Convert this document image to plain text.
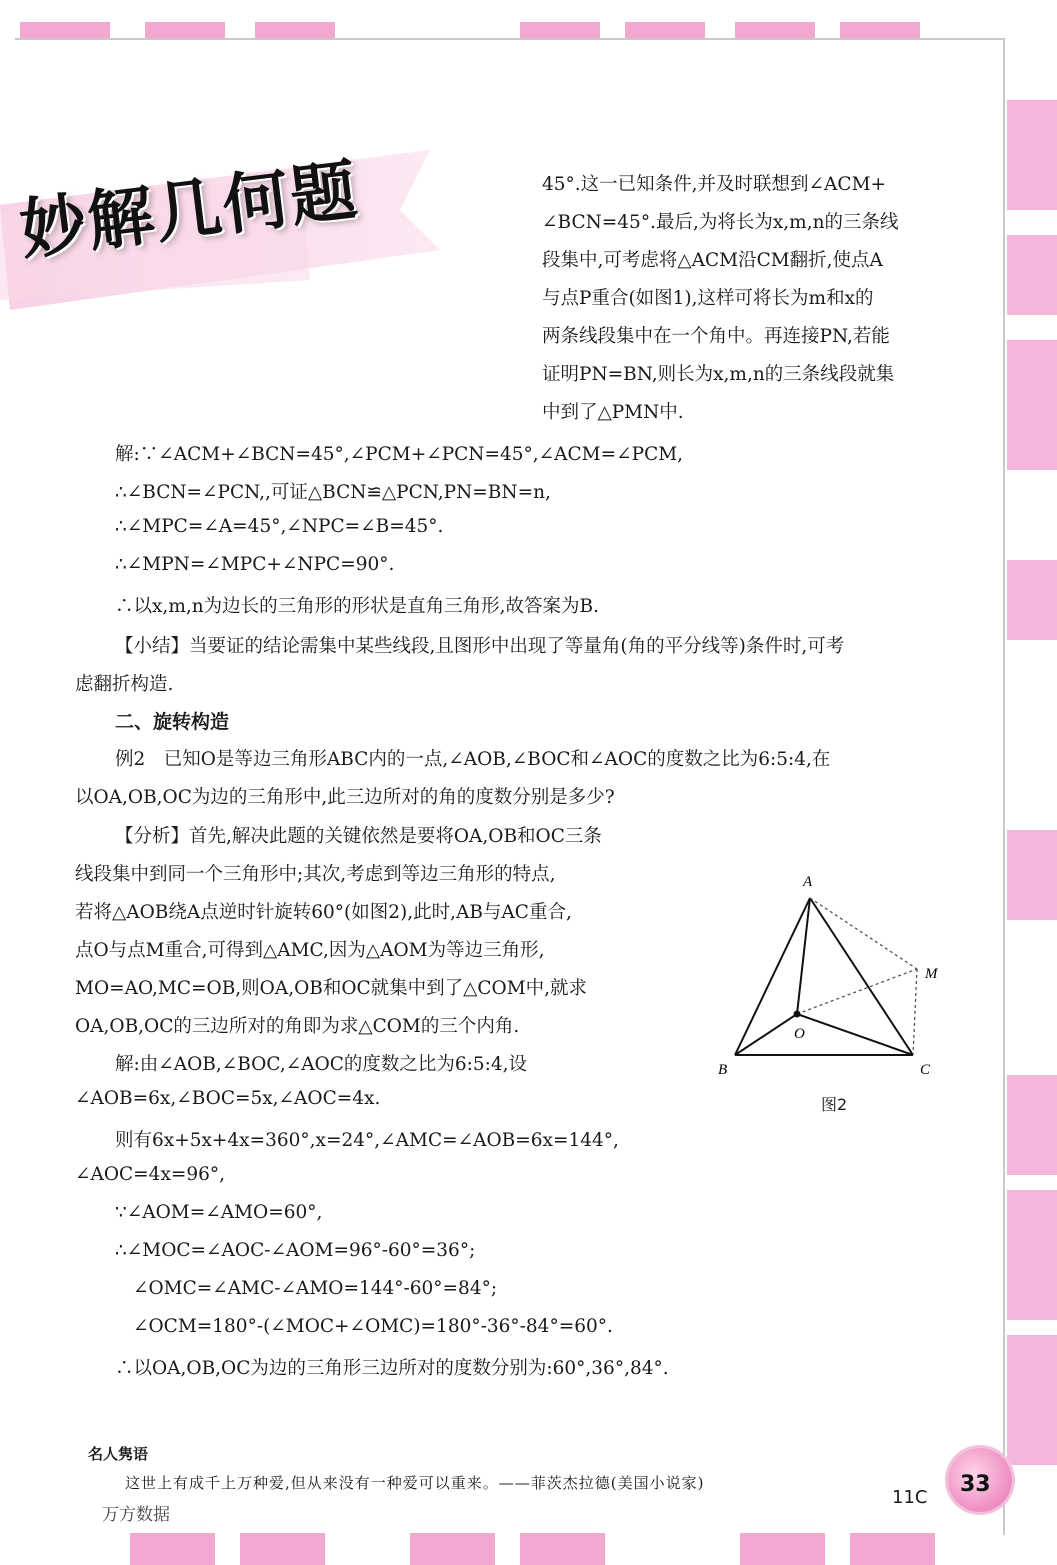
妙解几何题	45°.这一已知条件,并及时联想到∠ACM+

∠BCN=45°.最后,为将长为x,m,n的三条线

段集中,可考虑将△ACM沿CM翻折,使点A

与点P重合(如图1),这样可将长为m和x的

两条线段集中在一个角中。再连接PN,若能

证明PN=BN,则长为x,m,n的三条线段就集

中到了△PMN中.

解:∵∠ACM+∠BCN=45°,∠PCM+∠PCN=45°,∠ACM=∠PCM,

∴∠BCN=∠PCN,,可证△BCN≌△PCN,PN=BN=n,

∴∠MPC=∠A=45°,∠NPC=∠B=45°.

∴∠MPN=∠MPC+∠NPC=90°.

∴以x,m,n为边长的三角形的形状是直角三角形,故答案为B.

【小结】当要证的结论需集中某些线段,且图形中出现了等量角(角的平分线等)条件时,可考

虑翻折构造.

二、旋转构造

例2　已知O是等边三角形ABC内的一点,∠AOB,∠BOC和∠AOC的度数之比为6:5:4,在

以OA,OB,OC为边的三角形中,此三边所对的角的度数分别是多少?

【分析】首先,解决此题的关键依然是要将OA,OB和OC三条

线段集中到同一个三角形中;其次,考虑到等边三角形的特点,

若将△AOB绕A点逆时针旋转60°(如图2),此时,AB与AC重合,

点O与点M重合,可得到△AMC,因为△AOM为等边三角形,

MO=AO,MC=OB,则OA,OB和OC就集中到了△COM中,就求

OA,OB,OC的三边所对的角即为求△COM的三个内角.

解:由∠AOB,∠BOC,∠AOC的度数之比为6:5:4,设

∠AOB=6x,∠BOC=5x,∠AOC=4x.

则有6x+5x+4x=360°,x=24°,∠AMC=∠AOB=6x=144°,

∠AOC=4x=96°,

∵∠AOM=∠AMO=60°,

∴∠MOC=∠AOC-∠AOM=96°-60°=36°;

∠OMC=∠AMC-∠AMO=144°-60°=84°;

∠OCM=180°-(∠MOC+∠OMC)=180°-36°-84°=60°.

∴以OA,OB,OC为边的三角形三边所对的度数分别为:60°,36°,84°.

A
B	C
O
M
图2
名人隽语
这世上有成千上万种爱,但从来没有一种爱可以重来。——菲茨杰拉德(美国小说家)
万方数据
11C
33
